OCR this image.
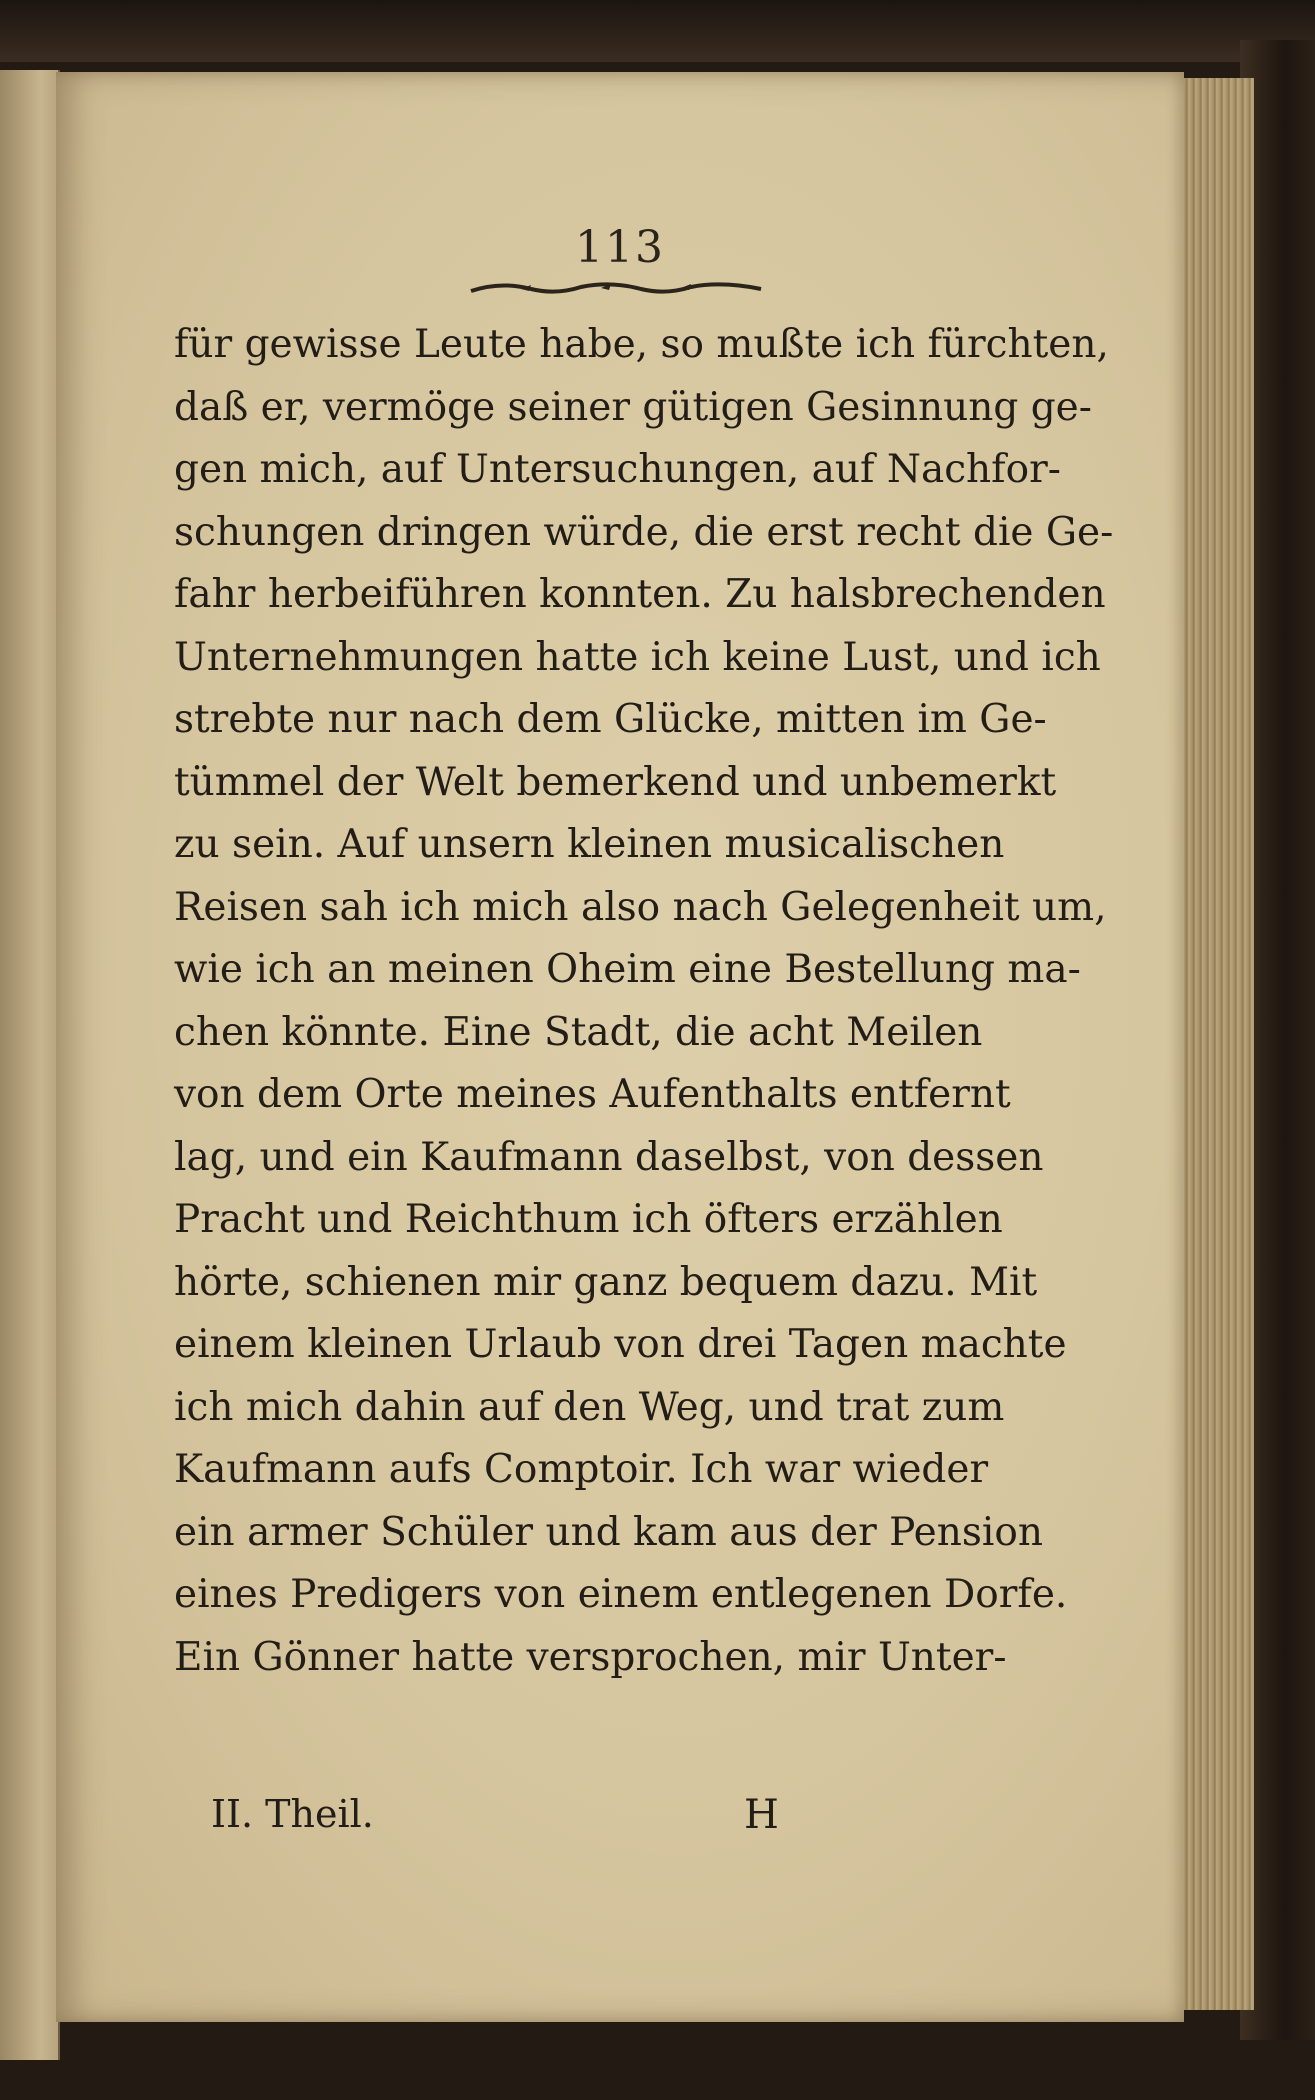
113
für gewisse Leute habe, so mußte ich fürchten,
daß er, vermöge seiner gütigen Gesinnung ge-
gen mich, auf Untersuchungen, auf Nachfor-
schungen dringen würde, die erst recht die Ge-
fahr herbeiführen konnten. Zu halsbrechenden
Unternehmungen hatte ich keine Lust, und ich
strebte nur nach dem Glücke, mitten im Ge-
tümmel der Welt bemerkend und unbemerkt
zu sein. Auf unsern kleinen musicalischen
Reisen sah ich mich also nach Gelegenheit um,
wie ich an meinen Oheim eine Bestellung ma-
chen könnte. Eine Stadt, die acht Meilen
von dem Orte meines Aufenthalts entfernt
lag, und ein Kaufmann daselbst, von dessen
Pracht und Reichthum ich öfters erzählen
hörte, schienen mir ganz bequem dazu. Mit
einem kleinen Urlaub von drei Tagen machte
ich mich dahin auf den Weg, und trat zum
Kaufmann aufs Comptoir. Ich war wieder
ein armer Schüler und kam aus der Pension
eines Predigers von einem entlegenen Dorfe.
Ein Gönner hatte versprochen, mir Unter-
II. Theil.	H
